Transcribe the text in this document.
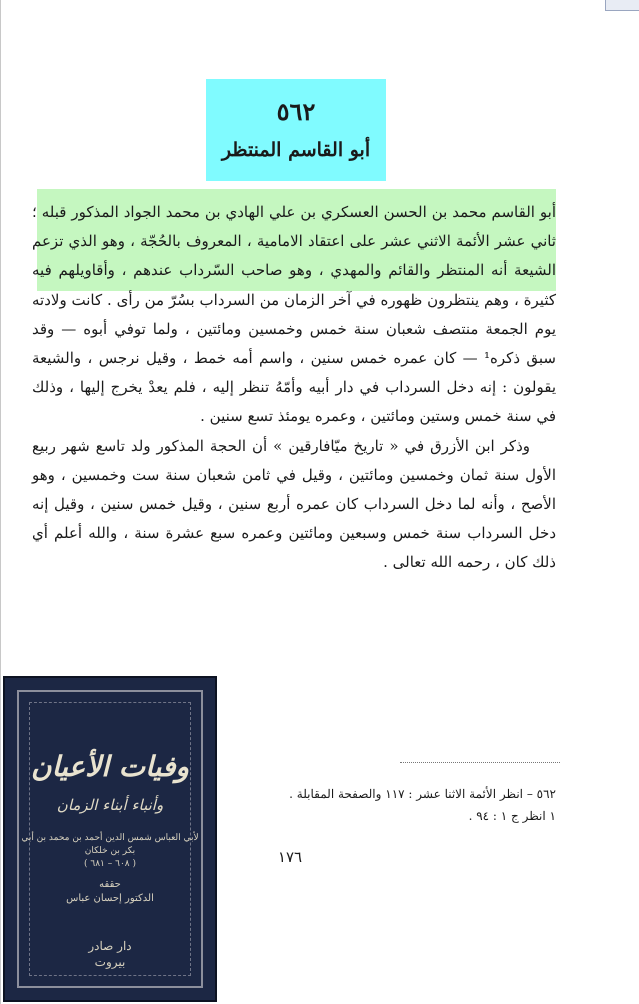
٥٦٢
أبو القاسم المنتظر

أبو القاسم محمد بن الحسن العسكري بن علي الهادي بن محمد الجواد المذكور قبله ؛ ثاني عشر الأئمة الاثني عشر على اعتقاد الامامية ، المعروف بالحُجّة ، وهو الذي تزعم الشيعة أنه المنتظر والقائم والمهدي ، وهو صاحب السّرداب عندهم ، وأقاويلهم فيه كثيرة ، وهم ينتظرون ظهوره في آخر الزمان من السرداب بسُرّ من رأى . كانت ولادته يوم الجمعة منتصف شعبان سنة خمس وخمسين ومائتين ، ولما توفي أبوه — وقد سبق ذكره¹ — كان عمره خمس سنين ، واسم أمه خمط ، وقيل نرجس ، والشيعة يقولون : إنه دخل السرداب في دار أبيه وأمّهُ تنظر إليه ، فلم يعدْ يخرج إليها ، وذلك في سنة خمس وستين ومائتين ، وعمره يومئذ تسع سنين .

وذكر ابن الأزرق في « تاريخ ميّافارقين » أن الحجة المذكور ولد تاسع شهر ربيع الأول سنة ثمان وخمسين ومائتين ، وقيل في ثامن شعبان سنة ست وخمسين ، وهو الأصح ، وأنه لما دخل السرداب كان عمره أربع سنين ، وقيل خمس سنين ، وقيل إنه دخل السرداب سنة خمس وسبعين ومائتين وعمره سبع عشرة سنة ، والله أعلم أي ذلك كان ، رحمه الله تعالى .

وفيات الأعيان
وأنباء أبناء الزمان
لأبي العباس شمس الدين أحمد بن محمد بن أبي بكر بن خلكان
( ٦٠٨ – ٦٨١ )
حققه
الدكتور إحسان عباس
دار صادر
بيروت

٥٦٢ – انظر الأئمة الاثنا عشر : ١١٧ والصفحة المقابلة .

١ انظر ج ١ : ٩٤ .

١٧٦
